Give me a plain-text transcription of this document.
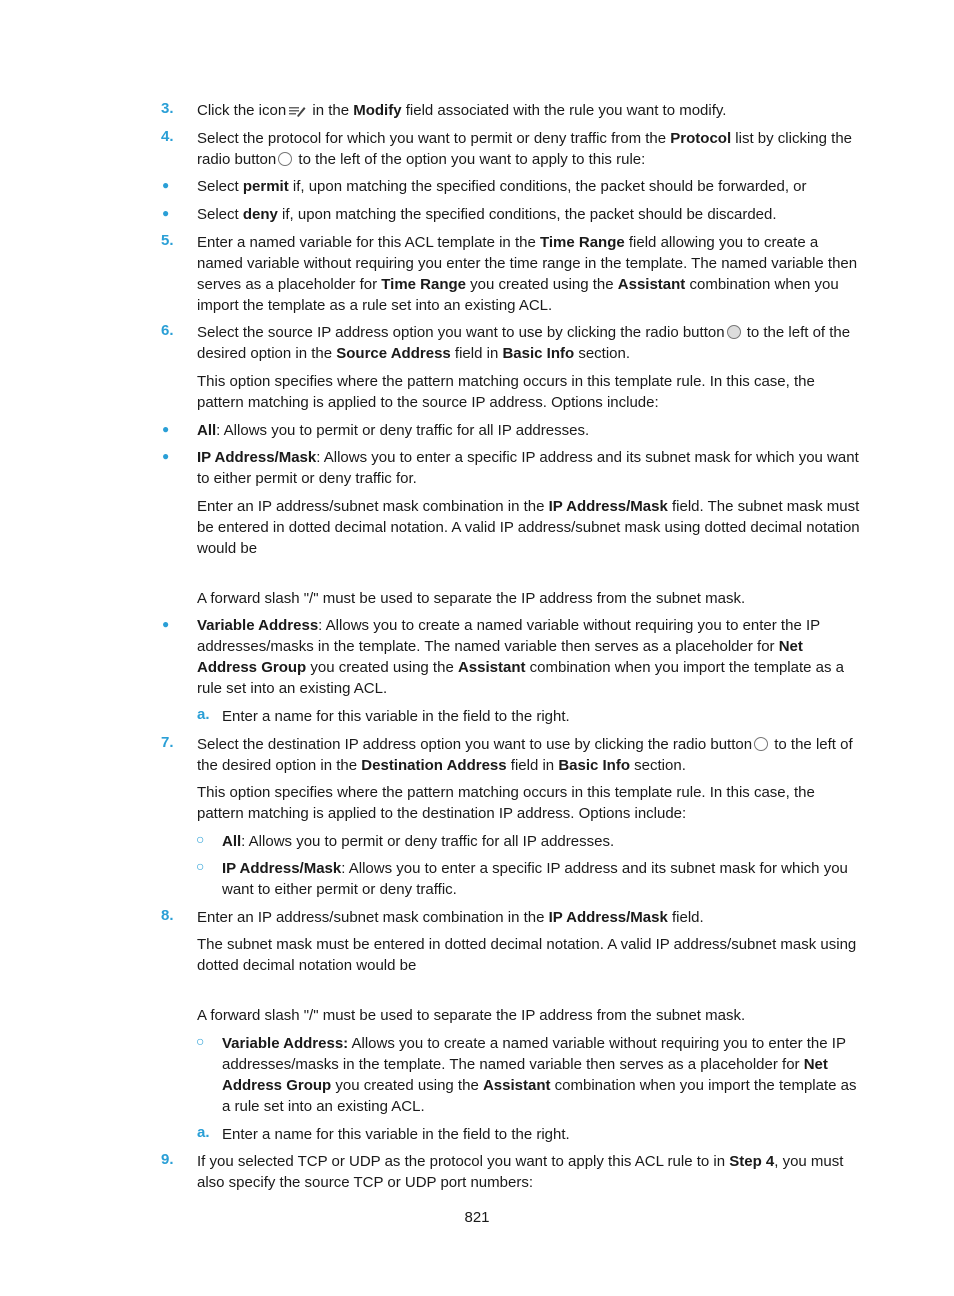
3. Click the icon in the Modify field associated with the rule you want to modify.
4. Select the protocol for which you want to permit or deny traffic from the Protocol list by clicking the radio button to the left of the option you want to apply to this rule:
● Select permit if, upon matching the specified conditions, the packet should be forwarded, or
● Select deny if, upon matching the specified conditions, the packet should be discarded.
5. Enter a named variable for this ACL template in the Time Range field allowing you to create a named variable without requiring you enter the time range in the template. The named variable then serves as a placeholder for Time Range you created using the Assistant combination when you import the template as a rule set into an existing ACL.
6. Select the source IP address option you want to use by clicking the radio button to the left of the desired option in the Source Address field in Basic Info section.
This option specifies where the pattern matching occurs in this template rule. In this case, the pattern matching is applied to the source IP address. Options include:
● All: Allows you to permit or deny traffic for all IP addresses.
● IP Address/Mask: Allows you to enter a specific IP address and its subnet mask for which you want to either permit or deny traffic for.
Enter an IP address/subnet mask combination in the IP Address/Mask field. The subnet mask must be entered in dotted decimal notation. A valid IP address/subnet mask using dotted decimal notation would be
A forward slash "/" must be used to separate the IP address from the subnet mask.
● Variable Address: Allows you to create a named variable without requiring you to enter the IP addresses/masks in the template. The named variable then serves as a placeholder for Net Address Group you created using the Assistant combination when you import the template as a rule set into an existing ACL.
a. Enter a name for this variable in the field to the right.
7. Select the destination IP address option you want to use by clicking the radio button to the left of the desired option in the Destination Address field in Basic Info section.
This option specifies where the pattern matching occurs in this template rule. In this case, the pattern matching is applied to the destination IP address. Options include:
○ All: Allows you to permit or deny traffic for all IP addresses.
○ IP Address/Mask: Allows you to enter a specific IP address and its subnet mask for which you want to either permit or deny traffic.
8. Enter an IP address/subnet mask combination in the IP Address/Mask field.
The subnet mask must be entered in dotted decimal notation. A valid IP address/subnet mask using dotted decimal notation would be
A forward slash "/" must be used to separate the IP address from the subnet mask.
○ Variable Address: Allows you to create a named variable without requiring you to enter the IP addresses/masks in the template. The named variable then serves as a placeholder for Net Address Group you created using the Assistant combination when you import the template as a rule set into an existing ACL.
a. Enter a name for this variable in the field to the right.
9. If you selected TCP or UDP as the protocol you want to apply this ACL rule to in Step 4, you must also specify the source TCP or UDP port numbers:
821
